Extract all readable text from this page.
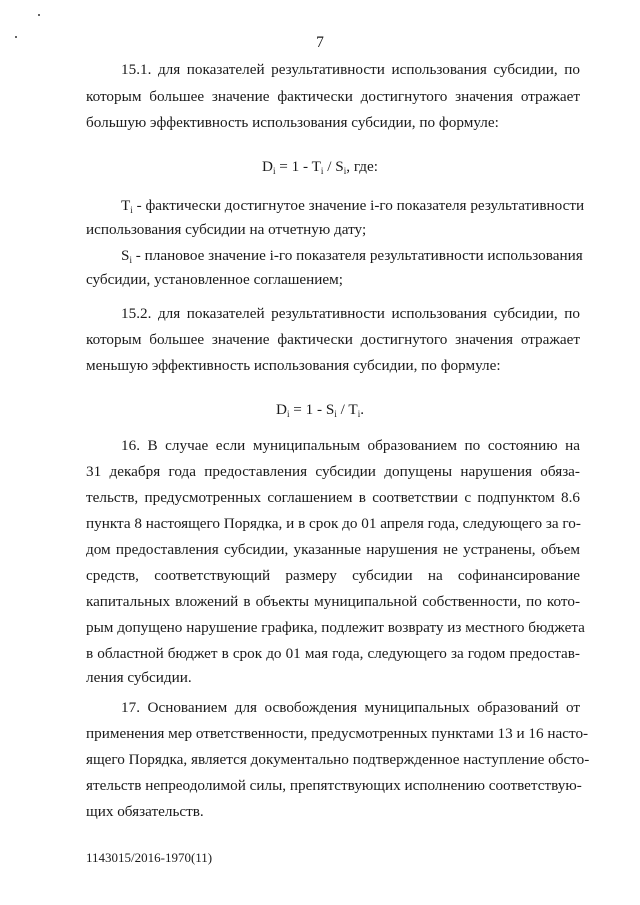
7
15.1. для показателей результативности использования субсидии, по
которым большее значение фактически достигнутого значения отражает
большую эффективность использования субсидии, по формуле:
$D_i = 1 - T_i / S_i$, где:
$T_i$ - фактически достигнутое значение i-го показателя результативности
использования субсидии на отчетную дату;
$S_i$ - плановое значение i-го показателя результативности использования
субсидии, установленное соглашением;
15.2. для показателей результативности использования субсидии, по
которым большее значение фактически достигнутого значения отражает
меньшую эффективность использования субсидии, по формуле:
$D_i = 1 - S_i / T_i$.
16. В случае если муниципальным образованием по состоянию на
31 декабря года предоставления субсидии допущены нарушения обяза-
тельств, предусмотренных соглашением в соответствии с подпунктом 8.6
пункта 8 настоящего Порядка, и в срок до 01 апреля года, следующего за го-
дом предоставления субсидии, указанные нарушения не устранены, объем
средств, соответствующий размеру субсидии на софинансирование
капитальных вложений в объекты муниципальной собственности, по кото-
рым допущено нарушение графика, подлежит возврату из местного бюджета
в областной бюджет в срок до 01 мая года, следующего за годом предостав-
ления субсидии.
17. Основанием для освобождения муниципальных образований от
применения мер ответственности, предусмотренных пунктами 13 и 16 насто-
ящего Порядка, является документально подтвержденное наступление обсто-
ятельств непреодолимой силы, препятствующих исполнению соответствую-
щих обязательств.
1143015/2016-1970(11)
